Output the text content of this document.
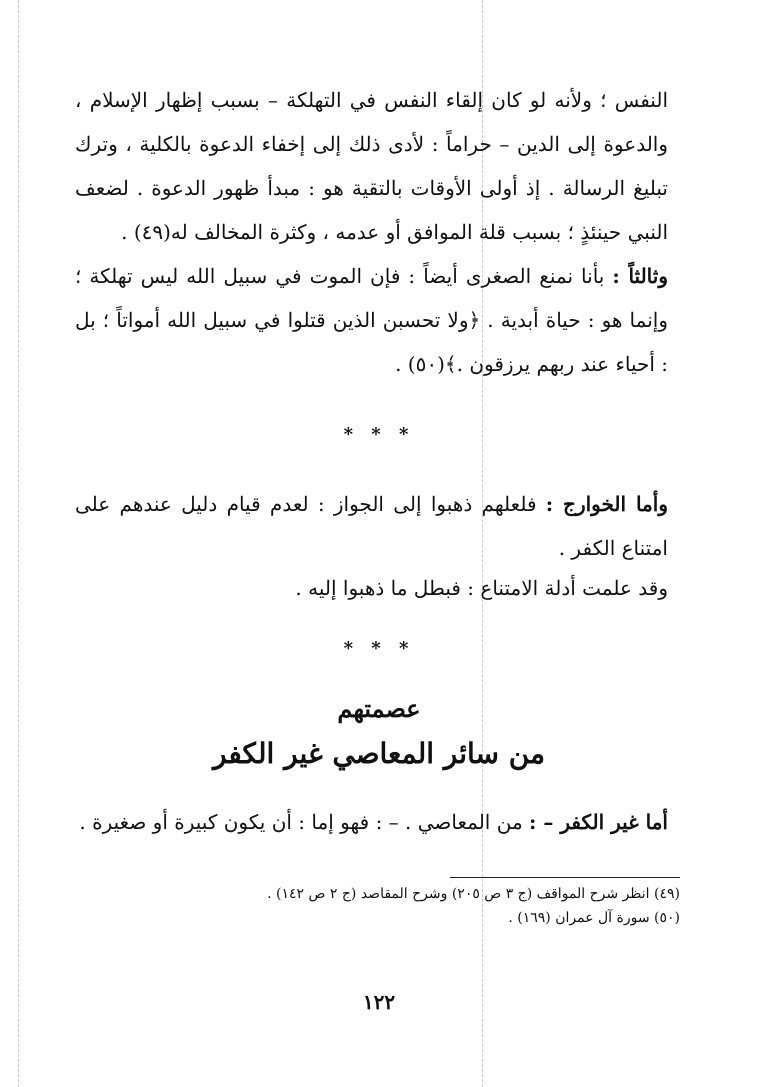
النفس ؛ ولأنه لو كان إلقاء النفس في التهلكة – بسبب إظهار الإسلام ، والدعوة إلى الدين – حراماً : لأدى ذلك إلى إخفاء الدعوة بالكلية ، وترك تبليغ الرسالة . إذ أولى الأوقات بالتقية هو : مبدأ ظهور الدعوة . لضعف النبي حينئذٍ ؛ بسبب قلة الموافق أو عدمه ، وكثرة المخالف له(٤٩) .

وثالثاً : بأنا نمنع الصغرى أيضاً : فإن الموت في سبيل الله ليس تهلكة ؛ وإنما هو : حياة أبدية . ﴿ولا تحسبن الذين قتلوا في سبيل الله أمواتاً ؛ بل : أحياء عند ربهم يرزقون .﴾(٥٠) .

* * *

وأما الخوارج : فلعلهم ذهبوا إلى الجواز : لعدم قيام دليل عندهم على امتناع الكفر .

وقد علمت أدلة الامتناع : فبطل ما ذهبوا إليه .

* * *
عصمتهم
من سائر المعاصي غير الكفر

أما غير الكفر – : من المعاصي . – : فهو إما : أن يكون كبيرة أو صغيرة .

(٤٩) انظر شرح المواقف (ج ٣ ص ٢٠٥) وشرح المقاصد (ج ٢ ص ١٤٢) .
(٥٠) سورة آل عمران (١٦٩) .
١٢٢
